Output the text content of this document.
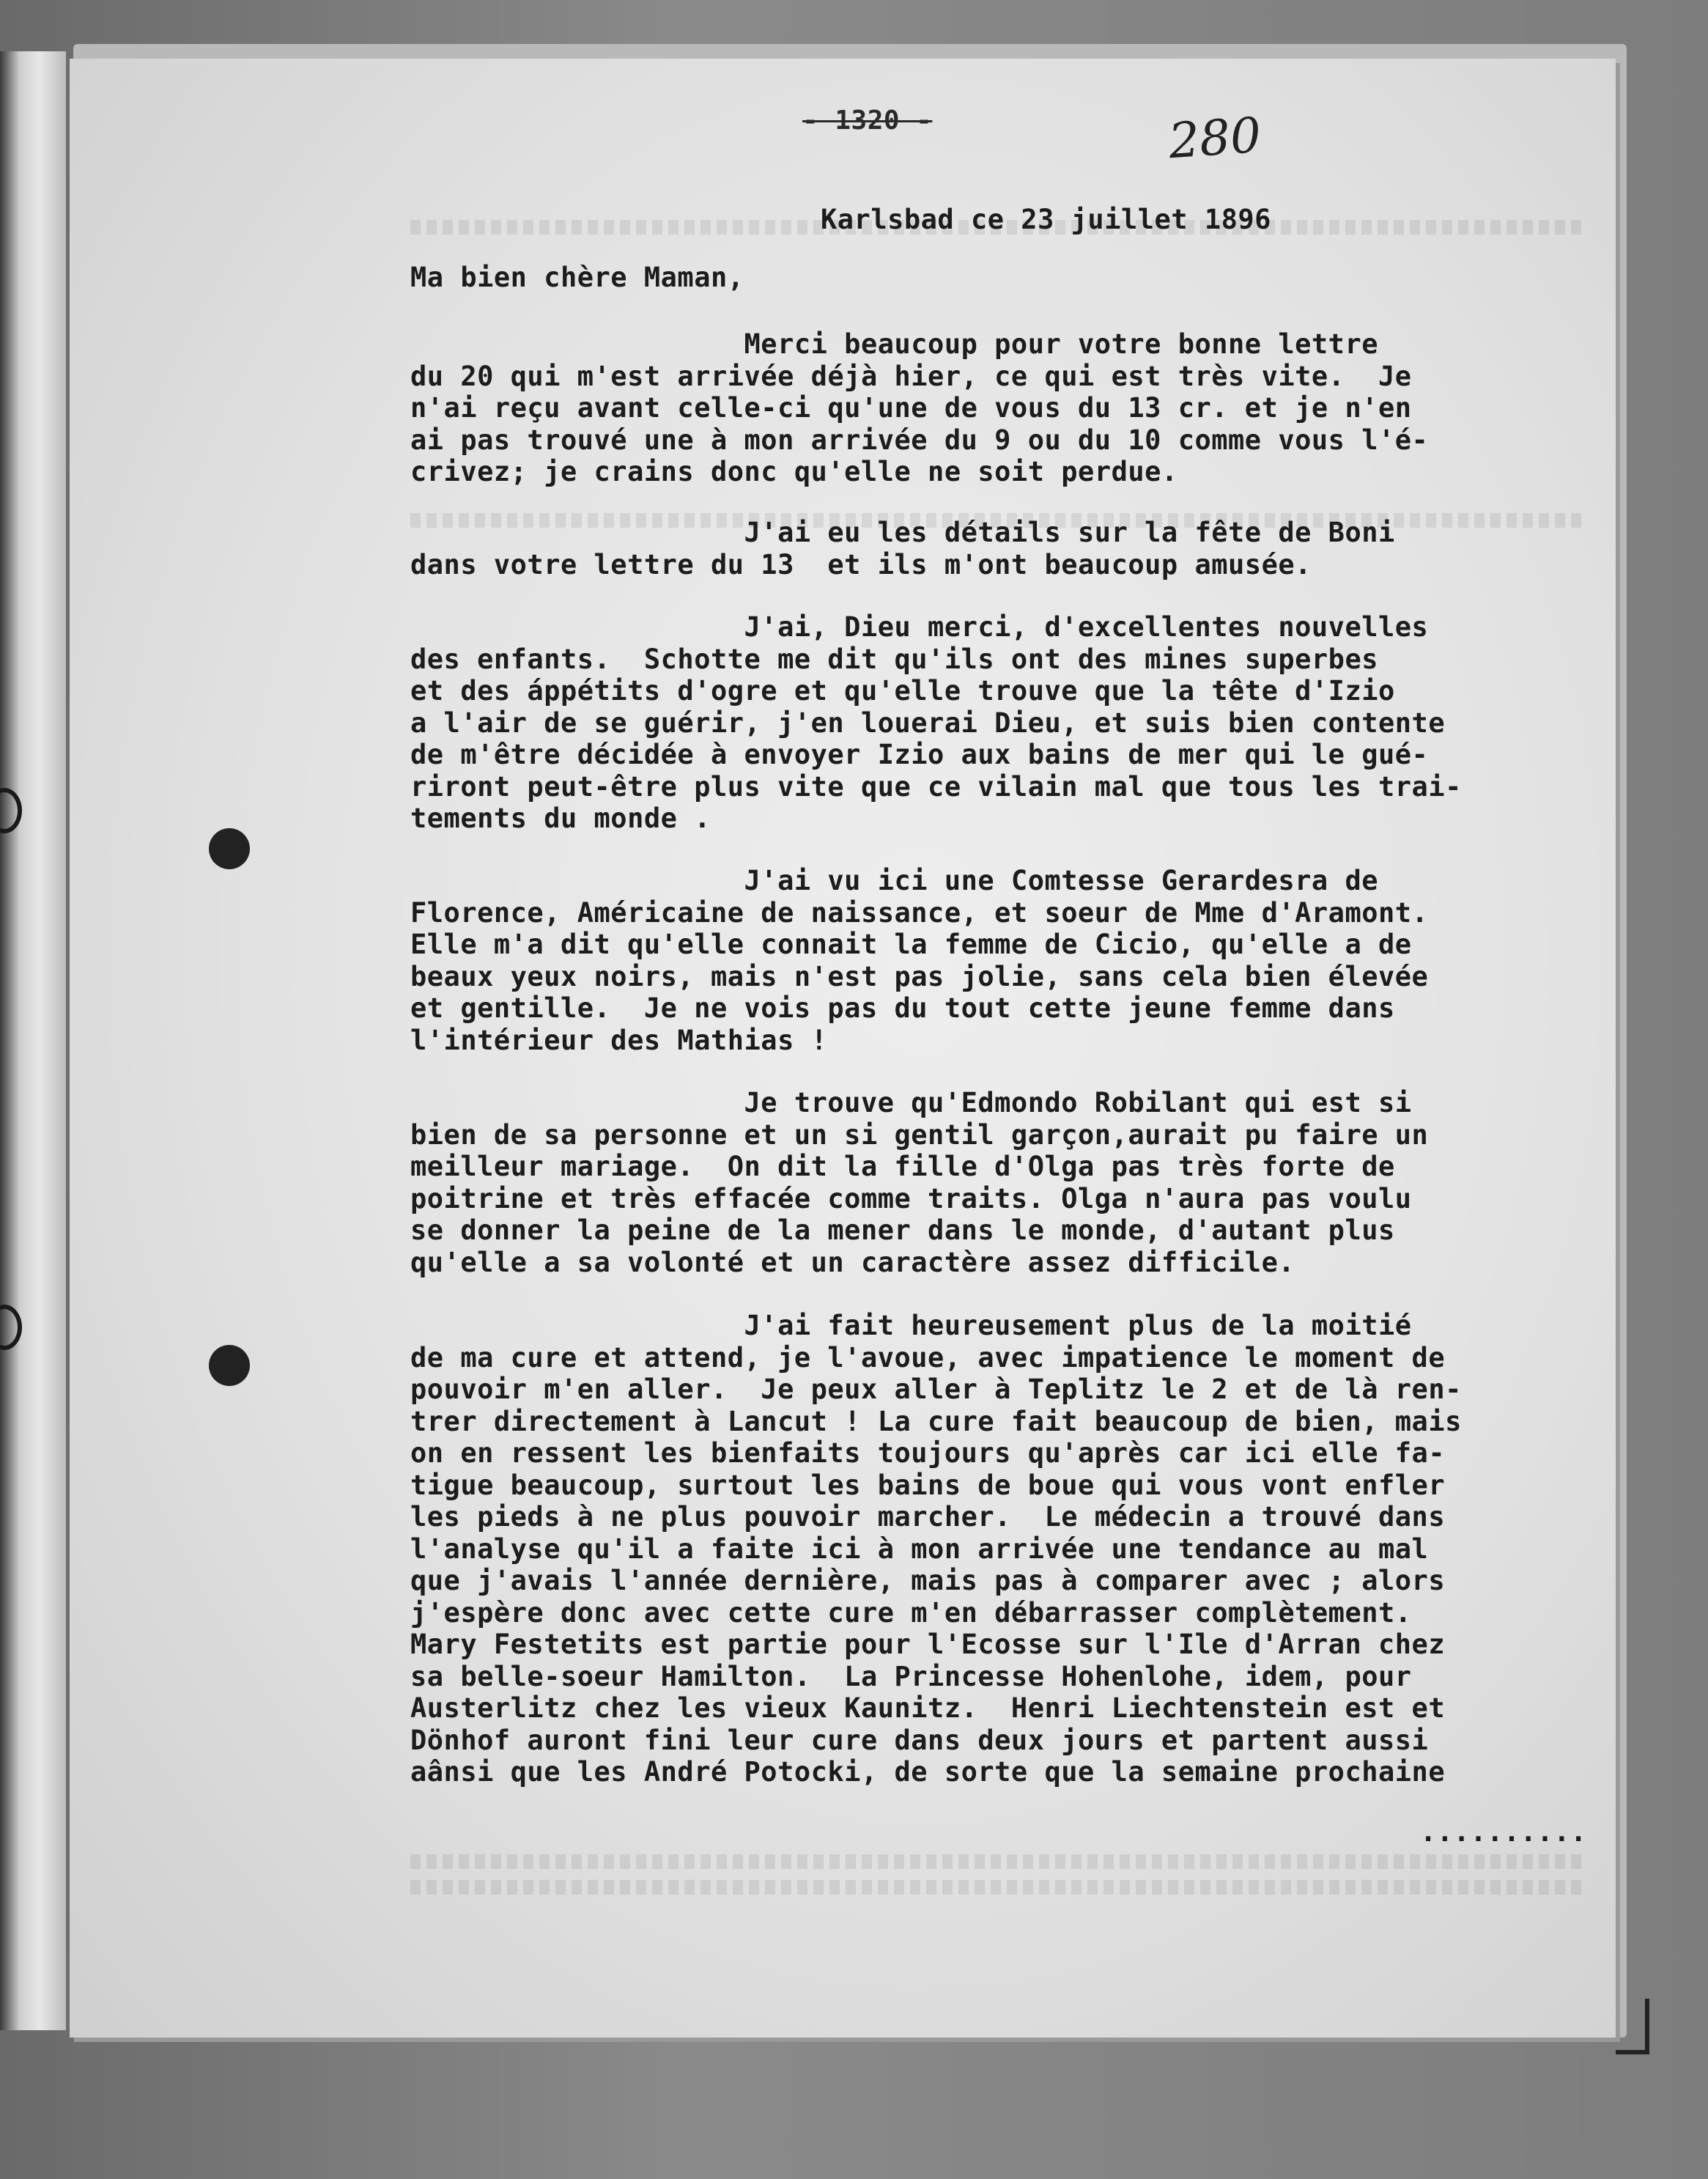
- 1320 -	280
Karlsbad ce 23 juillet 1896
Ma bien chère Maman,
Merci beaucoup pour votre bonne lettre
du 20 qui m'est arrivée déjà hier, ce qui est très vite.  Je
n'ai reçu avant celle-ci qu'une de vous du 13 cr. et je n'en
ai pas trouvé une à mon arrivée du 9 ou du 10 comme vous l'é-
crivez; je crains donc qu'elle ne soit perdue.
J'ai eu les détails sur la fête de Boni
dans votre lettre du 13  et ils m'ont beaucoup amusée.
J'ai, Dieu merci, d'excellentes nouvelles
des enfants.  Schotte me dit qu'ils ont des mines superbes
et des áppétits d'ogre et qu'elle trouve que la tête d'Izio
a l'air de se guérir, j'en louerai Dieu, et suis bien contente
de m'être décidée à envoyer Izio aux bains de mer qui le gué-
riront peut-être plus vite que ce vilain mal que tous les trai-
tements du monde .
J'ai vu ici une Comtesse Gerardesra de
Florence, Américaine de naissance, et soeur de Mme d'Aramont.
Elle m'a dit qu'elle connait la femme de Cicio, qu'elle a de
beaux yeux noirs, mais n'est pas jolie, sans cela bien élevée
et gentille.  Je ne vois pas du tout cette jeune femme dans
l'intérieur des Mathias !
Je trouve qu'Edmondo Robilant qui est si
bien de sa personne et un si gentil garçon,aurait pu faire un
meilleur mariage.  On dit la fille d'Olga pas très forte de
poitrine et très effacée comme traits. Olga n'aura pas voulu
se donner la peine de la mener dans le monde, d'autant plus
qu'elle a sa volonté et un caractère assez difficile.
J'ai fait heureusement plus de la moitié
de ma cure et attend, je l'avoue, avec impatience le moment de
pouvoir m'en aller.  Je peux aller à Teplitz le 2 et de là ren-
trer directement à Lancut ! La cure fait beaucoup de bien, mais
on en ressent les bienfaits toujours qu'après car ici elle fa-
tigue beaucoup, surtout les bains de boue qui vous vont enfler
les pieds à ne plus pouvoir marcher.  Le médecin a trouvé dans
l'analyse qu'il a faite ici à mon arrivée une tendance au mal
que j'avais l'année dernière, mais pas à comparer avec ; alors
j'espère donc avec cette cure m'en débarrasser complètement.
Mary Festetits est partie pour l'Ecosse sur l'Ile d'Arran chez
sa belle-soeur Hamilton.  La Princesse Hohenlohe, idem, pour
Austerlitz chez les vieux Kaunitz.  Henri Liechtenstein est et
Dönhof auront fini leur cure dans deux jours et partent aussi
aânsi que les André Potocki, de sorte que la semaine prochaine
..........
